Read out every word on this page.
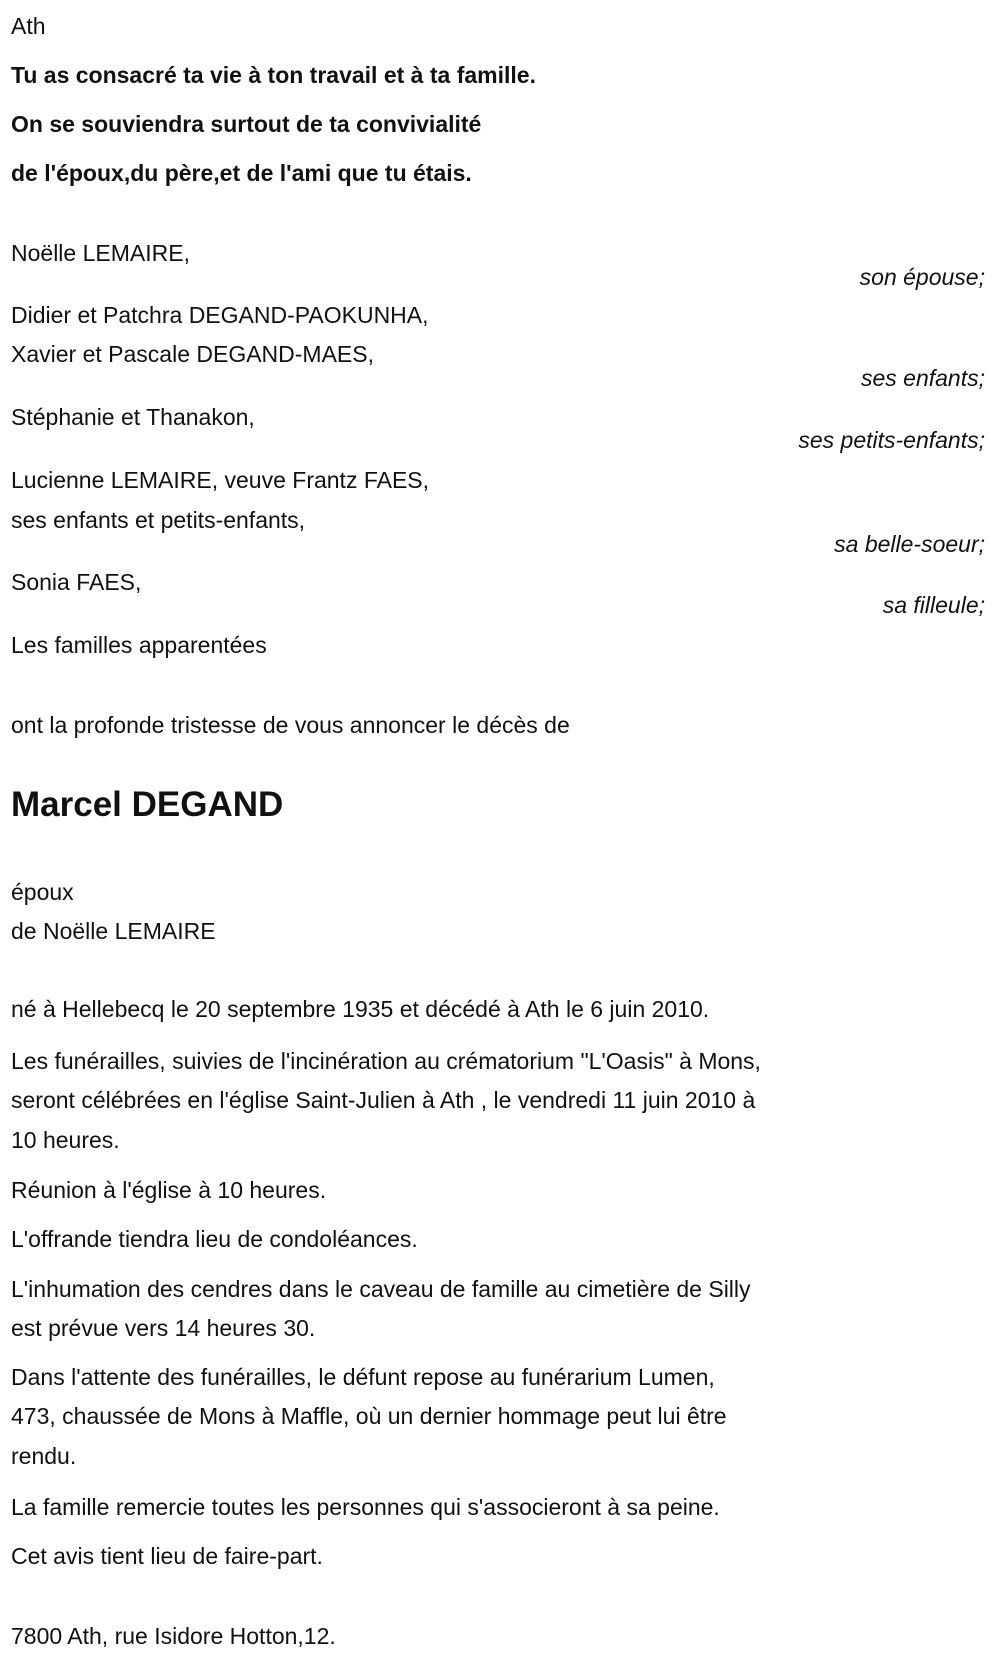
Ath
Tu as consacré ta vie à ton travail et à ta famille.
On se souviendra surtout de ta convivialité
de l'époux,du père,et de l'ami que tu étais.
Noëlle LEMAIRE,
son épouse;
Didier et Patchra DEGAND-PAOKUNHA,
Xavier et Pascale DEGAND-MAES,
ses enfants;
Stéphanie et Thanakon,
ses petits-enfants;
Lucienne LEMAIRE, veuve Frantz FAES,
ses enfants et petits-enfants,
sa belle-soeur;
Sonia FAES,
sa filleule;
Les familles apparentées
ont la profonde tristesse de vous annoncer le décès de
Marcel DEGAND
époux
de Noëlle LEMAIRE
né à Hellebecq le 20 septembre 1935 et décédé à Ath le 6 juin 2010.
Les funérailles, suivies de l'incinération au crématorium "L'Oasis" à Mons,
seront célébrées en l'église Saint-Julien à Ath , le vendredi 11 juin 2010 à
10 heures.
Réunion à l'église à 10 heures.
L'offrande tiendra lieu de condoléances.
L'inhumation des cendres dans le caveau de famille au cimetière de Silly
est prévue vers 14 heures 30.
Dans l'attente des funérailles, le défunt repose au funérarium Lumen,
473, chaussée de Mons à Maffle, où un dernier hommage peut lui être
rendu.
La famille remercie toutes les personnes qui s'associeront à sa peine.
Cet avis tient lieu de faire-part.
7800 Ath, rue Isidore Hotton,12.
